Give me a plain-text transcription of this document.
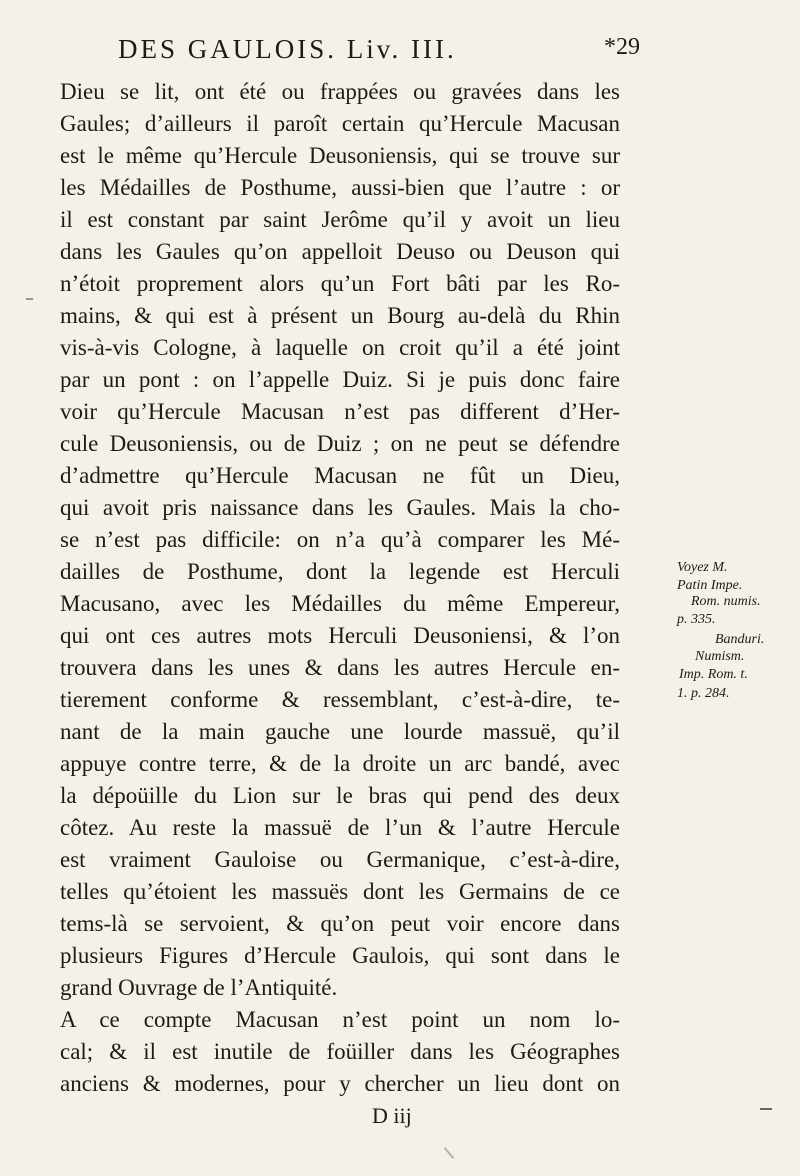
DES GAULOIS. Liv. III.	*29
Dieu se lit, ont été ou frappées ou gravées dans les
Gaules; d’ailleurs il paroît certain qu’Hercule Macusan
est le même qu’Hercule Deusoniensis, qui se trouve sur
les Médailles de Posthume, aussi-bien que l’autre : or
il est constant par saint Jerôme qu’il y avoit un lieu
dans les Gaules qu’on appelloit Deuso ou Deuson qui
n’étoit proprement alors qu’un Fort bâti par les Ro-
mains, & qui est à présent un Bourg au-delà du Rhin
vis-à-vis Cologne, à laquelle on croit qu’il a été joint
par un pont : on l’appelle Duiz. Si je puis donc faire
voir qu’Hercule Macusan n’est pas different d’Her-
cule Deusoniensis, ou de Duiz ; on ne peut se défendre
d’admettre qu’Hercule Macusan ne fût un Dieu,
qui avoit pris naissance dans les Gaules. Mais la cho-
se n’est pas difficile: on n’a qu’à comparer les Mé-
dailles de Posthume, dont la legende est Herculi
Macusano, avec les Médailles du même Empereur,
qui ont ces autres mots Herculi Deusoniensi, & l’on
trouvera dans les unes & dans les autres Hercule en-
tierement conforme & ressemblant, c’est-à-dire, te-
nant de la main gauche une lourde massuë, qu’il
appuye contre terre, & de la droite un arc bandé, avec
la dépoüille du Lion sur le bras qui pend des deux
côtez. Au reste la massuë de l’un & l’autre Hercule
est vraiment Gauloise ou Germanique, c’est-à-dire,
telles qu’étoient les massuës dont les Germains de ce
tems-là se servoient, & qu’on peut voir encore dans
plusieurs Figures d’Hercule Gaulois, qui sont dans le
grand Ouvrage de l’Antiquité.
A ce compte Macusan n’est point un nom lo-
cal; & il est inutile de foüiller dans les Géographes
anciens & modernes, pour y chercher un lieu dont on
D iij
Voyez M.
Patin Impe.
Rom. numis.
p. 335.
Banduri.
Numism.
Imp. Rom. t.
1. p. 284.
